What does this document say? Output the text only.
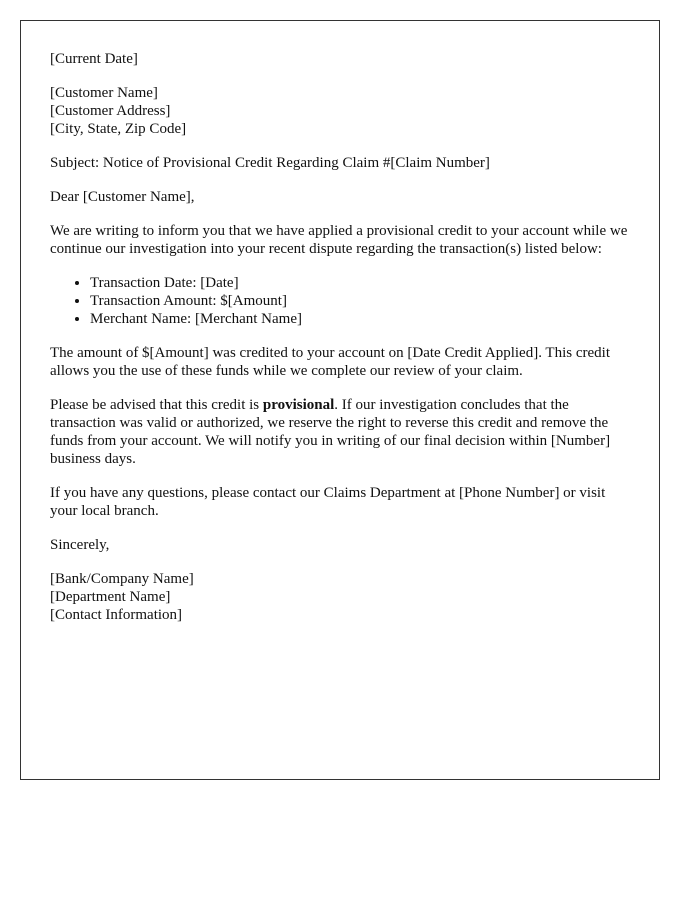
[Current Date]

[Customer Name]
[Customer Address]
[City, State, Zip Code]

Subject: Notice of Provisional Credit Regarding Claim #[Claim Number]

Dear [Customer Name],

We are writing to inform you that we have applied a provisional credit to your account while we continue our investigation into your recent dispute regarding the transaction(s) listed below:

• Transaction Date: [Date]
• Transaction Amount: $[Amount]
• Merchant Name: [Merchant Name]

The amount of $[Amount] was credited to your account on [Date Credit Applied]. This credit allows you the use of these funds while we complete our review of your claim.

Please be advised that this credit is provisional. If our investigation concludes that the transaction was valid or authorized, we reserve the right to reverse this credit and remove the funds from your account. We will notify you in writing of our final decision within [Number] business days.

If you have any questions, please contact our Claims Department at [Phone Number] or visit your local branch.

Sincerely,

[Bank/Company Name]
[Department Name]
[Contact Information]
